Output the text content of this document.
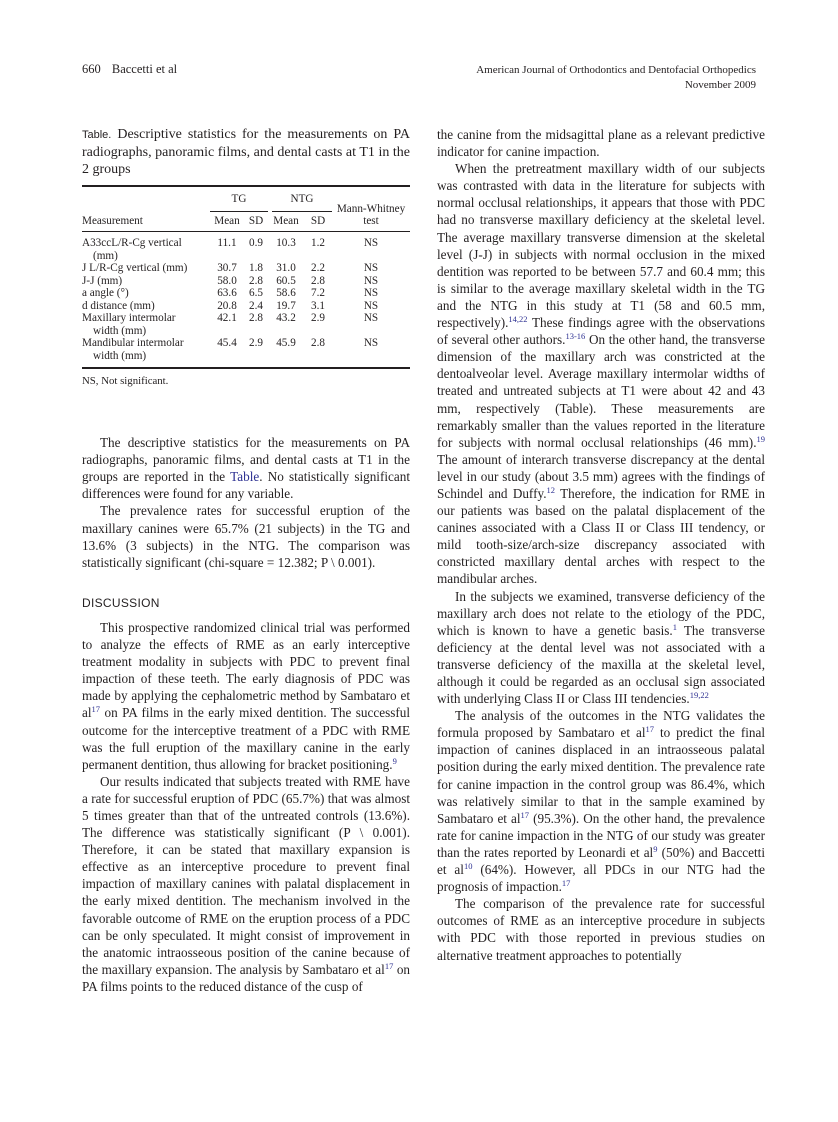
660 Baccetti et al	American Journal of Orthodontics and Dentofacial Orthopedics
November 2009
Table. Descriptive statistics for the measurements on PA radiographs, panoramic films, and dental casts at T1 in the 2 groups

	TG		NTG		Mann-Whitney
test

Measurement	Mean	SD	Mean	SD	

A33ccL/R-Cg vertical
(mm)	11.1	0.9	10.3	1.2	NS
J L/R-Cg vertical (mm)	30.7	1.8	31.0	2.2	NS
J-J (mm)	58.0	2.8	60.5	2.8	NS
a angle (°)	63.6	6.5	58.6	7.2	NS
d distance (mm)	20.8	2.4	19.7	3.1	NS
Maxillary intermolar
width (mm)	42.1	2.8	43.2	2.9	NS
Mandibular intermolar
width (mm)	45.4	2.9	45.9	2.8	NS

NS, Not significant.

The descriptive statistics for the measurements on PA radiographs, panoramic films, and dental casts at T1 in the groups are reported in the Table. No statistically significant differences were found for any variable.

The prevalence rates for successful eruption of the maxillary canines were 65.7% (21 subjects) in the TG and 13.6% (3 subjects) in the NTG. The comparison was statistically significant (chi-square = 12.382; P \ 0.001).

DISCUSSION

This prospective randomized clinical trial was performed to analyze the effects of RME as an early interceptive treatment modality in subjects with PDC to prevent final impaction of these teeth. The early diagnosis of PDC was made by applying the cephalometric method by Sambataro et al$^{17}$ on PA films in the early mixed dentition. The successful outcome for the interceptive treatment of a PDC with RME was the full eruption of the maxillary canine in the early permanent dentition, thus allowing for bracket positioning.$^9$

Our results indicated that subjects treated with RME have a rate for successful eruption of PDC (65.7%) that was almost 5 times greater than that of the untreated controls (13.6%). The difference was statistically significant (P \ 0.001). Therefore, it can be stated that maxillary expansion is effective as an interceptive procedure to prevent final impaction of maxillary canines with palatal displacement in the early mixed dentition. The mechanism involved in the favorable outcome of RME on the eruption process of a PDC can be only speculated. It might consist of improvement in the anatomic intraosseous position of the canine because of the maxillary expansion. The analysis by Sambataro et al$^{17}$ on PA films points to the reduced distance of the cusp of

the canine from the midsagittal plane as a relevant predictive indicator for canine impaction.

When the pretreatment maxillary width of our subjects was contrasted with data in the literature for subjects with normal occlusal relationships, it appears that those with PDC had no transverse maxillary deficiency at the skeletal level. The average maxillary transverse dimension at the skeletal level (J-J) in subjects with normal occlusion in the mixed dentition was reported to be between 57.7 and 60.4 mm; this is similar to the average maxillary skeletal width in the TG and the NTG in this study at T1 (58 and 60.5 mm, respectively).$^{14,22}$ These findings agree with the observations of several other authors.$^{13-16}$ On the other hand, the transverse dimension of the maxillary arch was constricted at the dentoalveolar level. Average maxillary intermolar widths of treated and untreated subjects at T1 were about 42 and 43 mm, respectively (Table). These measurements are remarkably smaller than the values reported in the literature for subjects with normal occlusal relationships (46 mm).$^{19}$ The amount of interarch transverse discrepancy at the dental level in our study (about 3.5 mm) agrees with the findings of Schindel and Duffy.$^{12}$ Therefore, the indication for RME in our patients was based on the palatal displacement of the canines associated with a Class II or Class III tendency, or mild tooth-size/arch-size discrepancy associated with constricted maxillary dental arches with respect to the mandibular arches.

In the subjects we examined, transverse deficiency of the maxillary arch does not relate to the etiology of the PDC, which is known to have a genetic basis.$^1$ The transverse deficiency at the dental level was not associated with a transverse deficiency of the maxilla at the skeletal level, although it could be regarded as an occlusal sign associated with underlying Class II or Class III tendencies.$^{19,22}$

The analysis of the outcomes in the NTG validates the formula proposed by Sambataro et al$^{17}$ to predict the final impaction of canines displaced in an intraosseous palatal position during the early mixed dentition. The prevalence rate for canine impaction in the control group was 86.4%, which was relatively similar to that in the sample examined by Sambataro et al$^{17}$ (95.3%). On the other hand, the prevalence rate for canine impaction in the NTG of our study was greater than the rates reported by Leonardi et al$^9$ (50%) and Baccetti et al$^{10}$ (64%). However, all PDCs in our NTG had the prognosis of impaction.$^{17}$

The comparison of the prevalence rate for successful outcomes of RME as an interceptive procedure in subjects with PDC with those reported in previous studies on alternative treatment approaches to potentially
